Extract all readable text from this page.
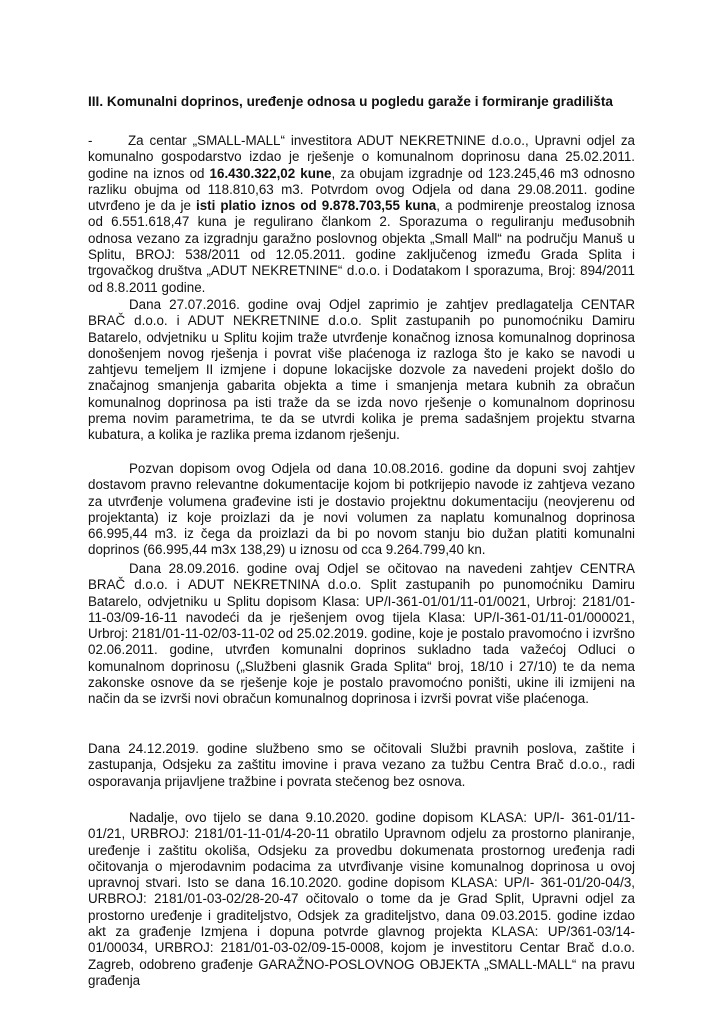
III. Komunalni doprinos, uređenje odnosa u pogledu garaže i formiranje gradilišta
-	Za centar „SMALL-MALL“ investitora ADUT NEKRETNINE d.o.o., Upravni odjel za komunalno gospodarstvo izdao je rješenje o komunalnom doprinosu dana 25.02.2011. godine na iznos od 16.430.322,02 kune, za obujam izgradnje od 123.245,46 m3 odnosno razliku obujma od 118.810,63 m3. Potvrdom ovog Odjela od dana 29.08.2011. godine utvrđeno je da je isti platio iznos od 9.878.703,55 kuna, a podmirenje preostalog iznosa od 6.551.618,47 kuna je regulirano člankom 2. Sporazuma o reguliranju međusobnih odnosa vezano za izgradnju garažno poslovnog objekta „Small Mall“ na području Manuš u Splitu, BROJ: 538/2011 od 12.05.2011. godine zaključenog između Grada Splita i trgovačkog društva „ADUT NEKRETNINE“ d.o.o. i Dodatakom I sporazuma, Broj: 894/2011 od 8.8.2011 godine.
Dana 27.07.2016. godine ovaj Odjel zaprimio je zahtjev predlagatelja CENTAR BRAČ d.o.o. i ADUT NEKRETNINE d.o.o. Split zastupanih po punomoćniku Damiru Batarelo, odvjetniku u Splitu kojim traže utvrđenje konačnog iznosa komunalnog doprinosa donošenjem novog rješenja i povrat više plaćenoga iz razloga što je kako se navodi u zahtjevu temeljem II izmjene i dopune lokacijske dozvole za navedeni projekt došlo do značajnog smanjenja gabarita objekta a time i smanjenja metara kubnih za obračun komunalnog doprinosa pa isti traže da se izda novo rješenje o komunalnom doprinosu prema novim parametrima, te da se utvrdi kolika je prema sadašnjem projektu stvarna kubatura, a kolika je razlika prema izdanom rješenju.
Pozvan dopisom ovog Odjela od dana 10.08.2016. godine da dopuni svoj zahtjev dostavom pravno relevantne dokumentacije kojom bi potkrijepio navode iz zahtjeva vezano za utvrđenje volumena građevine isti je dostavio projektnu dokumentaciju (neovjerenu od projektanta) iz koje proizlazi da je novi volumen za naplatu komunalnog doprinosa 66.995,44 m3. iz čega da proizlazi da bi po novom stanju bio dužan platiti komunalni doprinos (66.995,44 m3x 138,29) u iznosu od cca 9.264.799,40 kn.
Dana 28.09.2016. godine ovaj Odjel se očitovao na navedeni zahtjev CENTRA BRAČ d.o.o. i ADUT NEKRETNINA d.o.o. Split zastupanih po punomoćniku Damiru Batarelo, odvjetniku u Splitu dopisom Klasa: UP/I-361-01/01/11-01/0021, Urbroj: 2181/01-11-03/09-16-11 navodeći da je rješenjem ovog tijela Klasa: UP/I-361-01/11-01/000021, Urbroj: 2181/01-11-02/03-11-02 od 25.02.2019. godine, koje je postalo pravomoćno i izvršno 02.06.2011. godine, utvrđen komunalni doprinos sukladno tada važećoj Odluci o komunalnom doprinosu („Službeni glasnik Grada Splita“ broj, 18/10 i 27/10) te da nema zakonske osnove da se rješenje koje je postalo pravomoćno poništi, ukine ili izmijeni na način da se izvrši novi obračun komunalnog doprinosa i izvrši povrat više plaćenoga.
Dana 24.12.2019. godine službeno smo se očitovali Službi pravnih poslova, zaštite i zastupanja, Odsjeku za zaštitu imovine i prava vezano za tužbu Centra Brač d.o.o., radi osporavanja prijavljene tražbine i povrata stečenog bez osnova.
Nadalje, ovo tijelo se dana 9.10.2020. godine dopisom KLASA: UP/I- 361-01/11-01/21, URBROJ: 2181/01-11-01/4-20-11 obratilo Upravnom odjelu za prostorno planiranje, uređenje i zaštitu okoliša, Odsjeku za provedbu dokumenata prostornog uređenja radi očitovanja o mjerodavnim podacima za utvrđivanje visine komunalnog doprinosa u ovoj upravnoj stvari. Isto se dana 16.10.2020. godine dopisom KLASA: UP/I- 361-01/20-04/3, URBROJ: 2181/01-03-02/28-20-47 očitovalo o tome da je Grad Split, Upravni odjel za prostorno uređenje i graditeljstvo, Odsjek za graditeljstvo, dana 09.03.2015. godine izdao akt za građenje Izmjena i dopuna potvrde glavnog projekta KLASA: UP/361-03/14-01/00034, URBROJ: 2181/01-03-02/09-15-0008, kojom je investitoru Centar Brač d.o.o. Zagreb, odobreno građenje GARAŽNO-POSLOVNOG OBJEKTA „SMALL-MALL“ na pravu građenja
